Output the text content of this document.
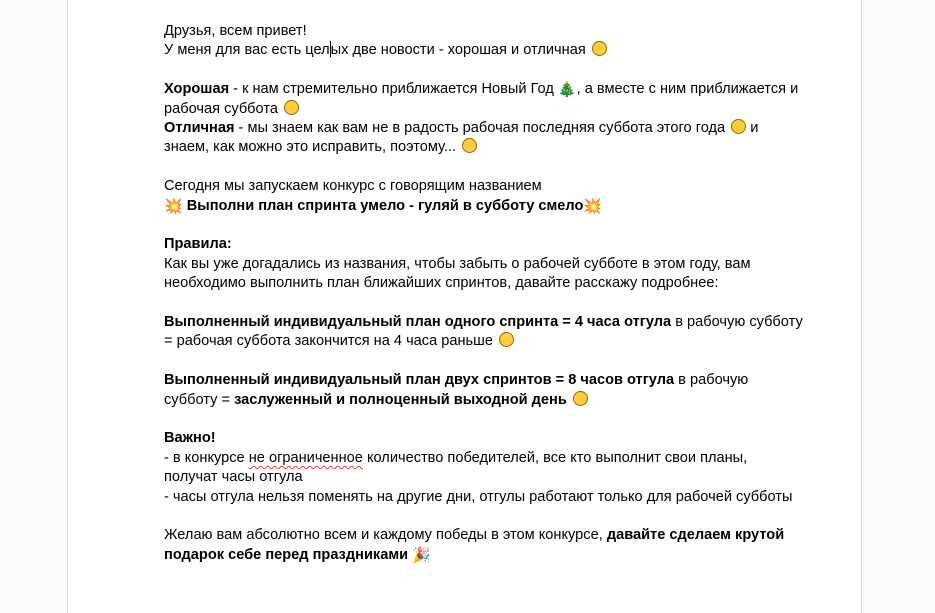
Друзья, всем привет!

У меня для вас есть целых две новости - хорошая и отличная

Хорошая - к нам стремительно приближается Новый Год 🎄, а вместе с ним приближается и рабочая суббота

Отличная - мы знаем как вам не в радость рабочая последняя суббота этого года  и знаем, как можно это исправить, поэтому...

Сегодня мы запускаем конкурс с говорящим названием

💥 Выполни план спринта умело - гуляй в субботу смело💥

Правила:

Как вы уже догадались из названия, чтобы забыть о рабочей субботе в этом году, вам необходимо выполнить план ближайших спринтов, давайте расскажу подробнее:

Выполненный индивидуальный план одного спринта = 4 часа отгула в рабочую субботу = рабочая суббота закончится на 4 часа раньше

Выполненный индивидуальный план двух спринтов = 8 часов отгула в рабочую субботу = заслуженный и полноценный выходной день

Важно!

- в конкурсе не ограниченное количество победителей, все кто выполнит свои планы, получат часы отгула

- часы отгула нельзя поменять на другие дни, отгулы работают только для рабочей субботы

Желаю вам абсолютно всем и каждому победы в этом конкурсе, давайте сделаем крутой подарок себе перед праздниками 🎉
